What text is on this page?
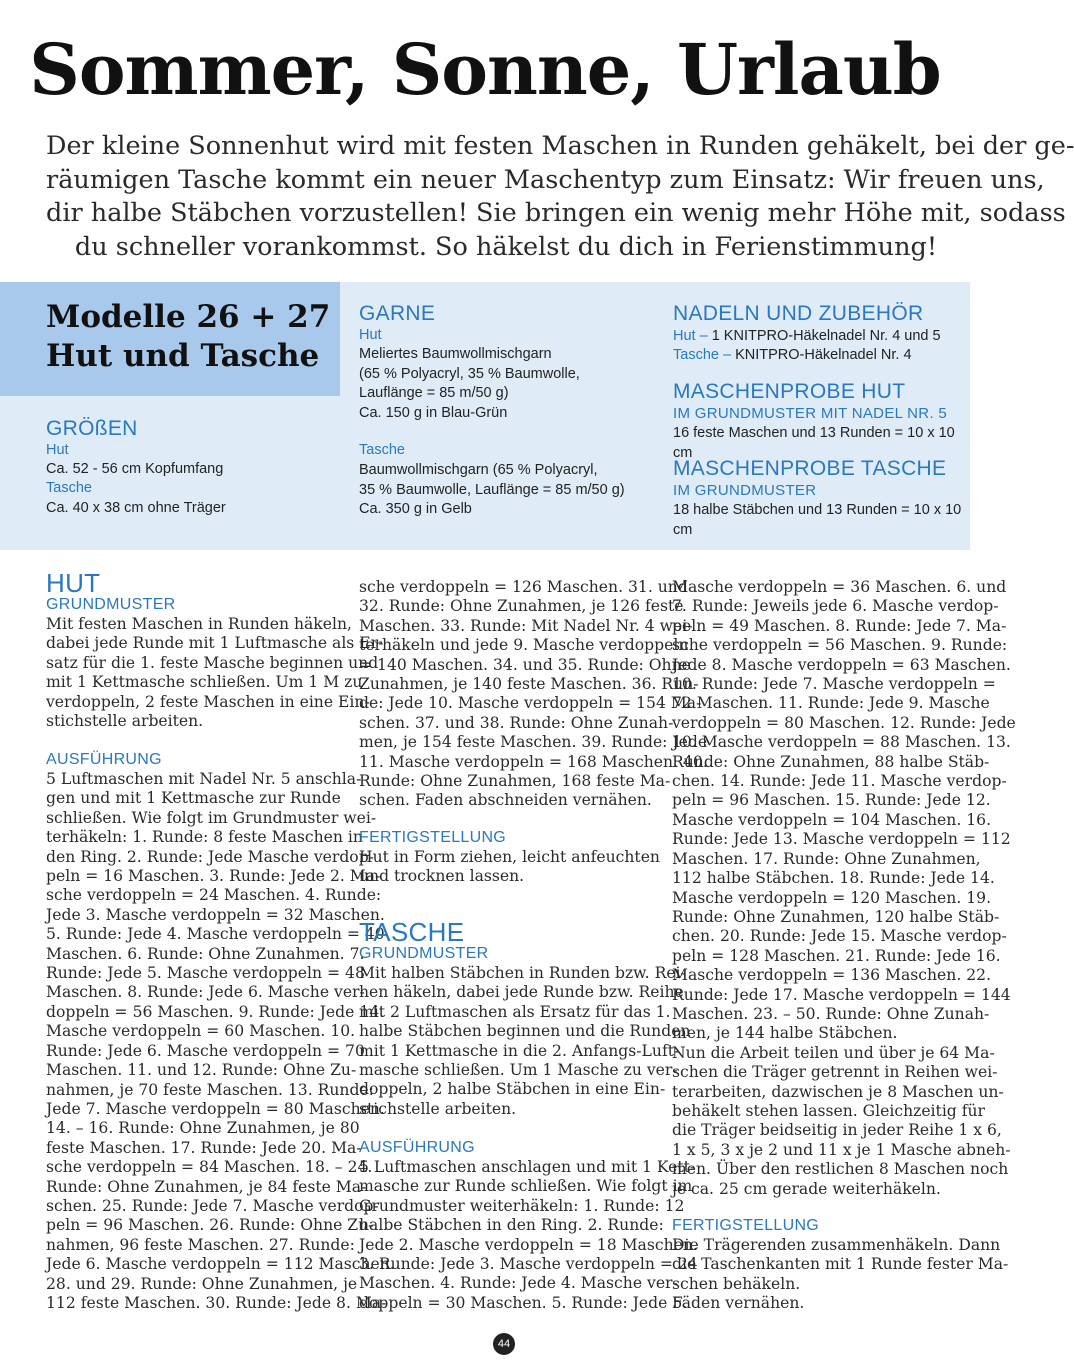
Sommer, Sonne, Urlaub
Der kleine Sonnenhut wird mit festen Maschen in Runden gehäkelt, bei der ge-
räumigen Tasche kommt ein neuer Maschentyp zum Einsatz: Wir freuen uns,
dir halbe Stäbchen vorzustellen! Sie bringen ein wenig mehr Höhe mit, sodass
du schneller vorankommst. So häkelst du dich in Ferienstimmung!
Modelle 26 + 27
Hut und Tasche
GRÖßEN
Hut
Ca. 52 - 56 cm Kopfumfang
Tasche
Ca. 40 x 38 cm ohne Träger
GARNE
Hut
Meliertes Baumwollmischgarn
(65 % Polyacryl, 35 % Baumwolle,
Lauflänge = 85 m/50 g)
Ca. 150 g in Blau-Grün
Tasche
Baumwollmischgarn (65 % Polyacryl,
35 % Baumwolle, Lauflänge = 85 m/50 g)
Ca. 350 g in Gelb
NADELN UND ZUBEHÖR
Hut – 1 KNITPRO-Häkelnadel Nr. 4 und 5
Tasche – KNITPRO-Häkelnadel Nr. 4
MASCHENPROBE HUT
IM GRUNDMUSTER MIT NADEL NR. 5
16 feste Maschen und 13 Runden = 10 x 10 cm
MASCHENPROBE TASCHE
IM GRUNDMUSTER
18 halbe Stäbchen und 13 Runden = 10 x 10 cm
HUT
GRUNDMUSTER
Mit festen Maschen in Runden häkeln,
dabei jede Runde mit 1 Luftmasche als Er-
satz für die 1. feste Masche beginnen und
mit 1 Kettmasche schließen. Um 1 M zu
verdoppeln, 2 feste Maschen in eine Ein-
stichstelle arbeiten.
AUSFÜHRUNG
5 Luftmaschen mit Nadel Nr. 5 anschla-
gen und mit 1 Kettmasche zur Runde
schließen. Wie folgt im Grundmuster wei-
terhäkeln: 1. Runde: 8 feste Maschen in
den Ring. 2. Runde: Jede Masche verdop-
peln = 16 Maschen. 3. Runde: Jede 2. Ma-
sche verdoppeln = 24 Maschen. 4. Runde:
Jede 3. Masche verdoppeln = 32 Maschen.
5. Runde: Jede 4. Masche verdoppeln = 40
Maschen. 6. Runde: Ohne Zunahmen. 7.
Runde: Jede 5. Masche verdoppeln = 48
Maschen. 8. Runde: Jede 6. Masche ver-
doppeln = 56 Maschen. 9. Runde: Jede 14.
Masche verdoppeln = 60 Maschen. 10.
Runde: Jede 6. Masche verdoppeln = 70
Maschen. 11. und 12. Runde: Ohne Zu-
nahmen, je 70 feste Maschen. 13. Runde:
Jede 7. Masche verdoppeln = 80 Maschen.
14. – 16. Runde: Ohne Zunahmen, je 80
feste Maschen. 17. Runde: Jede 20. Ma-
sche verdoppeln = 84 Maschen. 18. – 24.
Runde: Ohne Zunahmen, je 84 feste Ma-
schen. 25. Runde: Jede 7. Masche verdop-
peln = 96 Maschen. 26. Runde: Ohne Zu-
nahmen, 96 feste Maschen. 27. Runde:
Jede 6. Masche verdoppeln = 112 Maschen.
28. und 29. Runde: Ohne Zunahmen, je
112 feste Maschen. 30. Runde: Jede 8. Ma-
sche verdoppeln = 126 Maschen. 31. und
32. Runde: Ohne Zunahmen, je 126 feste
Maschen. 33. Runde: Mit Nadel Nr. 4 wei-
terhäkeln und jede 9. Masche verdoppeln
= 140 Maschen. 34. und 35. Runde: Ohne
Zunahmen, je 140 feste Maschen. 36. Run-
de: Jede 10. Masche verdoppeln = 154 Ma-
schen. 37. und 38. Runde: Ohne Zunah-
men, je 154 feste Maschen. 39. Runde: Jede
11. Masche verdoppeln = 168 Maschen. 40.
Runde: Ohne Zunahmen, 168 feste Ma-
schen. Faden abschneiden vernähen.
FERTIGSTELLUNG
Hut in Form ziehen, leicht anfeuchten
und trocknen lassen.
TASCHE
GRUNDMUSTER
Mit halben Stäbchen in Runden bzw. Rei-
hen häkeln, dabei jede Runde bzw. Reihe
mit 2 Luftmaschen als Ersatz für das 1.
halbe Stäbchen beginnen und die Runden
mit 1 Kettmasche in die 2. Anfangs-Luft-
masche schließen. Um 1 Masche zu ver-
doppeln, 2 halbe Stäbchen in eine Ein-
stichstelle arbeiten.
AUSFÜHRUNG
5 Luftmaschen anschlagen und mit 1 Kett-
masche zur Runde schließen. Wie folgt im
Grundmuster weiterhäkeln: 1. Runde: 12
halbe Stäbchen in den Ring. 2. Runde:
Jede 2. Masche verdoppeln = 18 Maschen.
3. Runde: Jede 3. Masche verdoppeln = 24
Maschen. 4. Runde: Jede 4. Masche ver-
doppeln = 30 Maschen. 5. Runde: Jede 5.
Masche verdoppeln = 36 Maschen. 6. und
7. Runde: Jeweils jede 6. Masche verdop-
peln = 49 Maschen. 8. Runde: Jede 7. Ma-
sche verdoppeln = 56 Maschen. 9. Runde:
Jede 8. Masche verdoppeln = 63 Maschen.
10. Runde: Jede 7. Masche verdoppeln =
72 Maschen. 11. Runde: Jede 9. Masche
verdoppeln = 80 Maschen. 12. Runde: Jede
10. Masche verdoppeln = 88 Maschen. 13.
Runde: Ohne Zunahmen, 88 halbe Stäb-
chen. 14. Runde: Jede 11. Masche verdop-
peln = 96 Maschen. 15. Runde: Jede 12.
Masche verdoppeln = 104 Maschen. 16.
Runde: Jede 13. Masche verdoppeln = 112
Maschen. 17. Runde: Ohne Zunahmen,
112 halbe Stäbchen. 18. Runde: Jede 14.
Masche verdoppeln = 120 Maschen. 19.
Runde: Ohne Zunahmen, 120 halbe Stäb-
chen. 20. Runde: Jede 15. Masche verdop-
peln = 128 Maschen. 21. Runde: Jede 16.
Masche verdoppeln = 136 Maschen. 22.
Runde: Jede 17. Masche verdoppeln = 144
Maschen. 23. – 50. Runde: Ohne Zunah-
men, je 144 halbe Stäbchen.
Nun die Arbeit teilen und über je 64 Ma-
schen die Träger getrennt in Reihen wei-
terarbeiten, dazwischen je 8 Maschen un-
behäkelt stehen lassen. Gleichzeitig für
die Träger beidseitig in jeder Reihe 1 x 6,
1 x 5, 3 x je 2 und 11 x je 1 Masche abneh-
men. Über den restlichen 8 Maschen noch
je ca. 25 cm gerade weiterhäkeln.
FERTIGSTELLUNG
Die Trägerenden zusammenhäkeln. Dann
die Taschenkanten mit 1 Runde fester Ma-
schen behäkeln.
Fäden vernähen.
44
